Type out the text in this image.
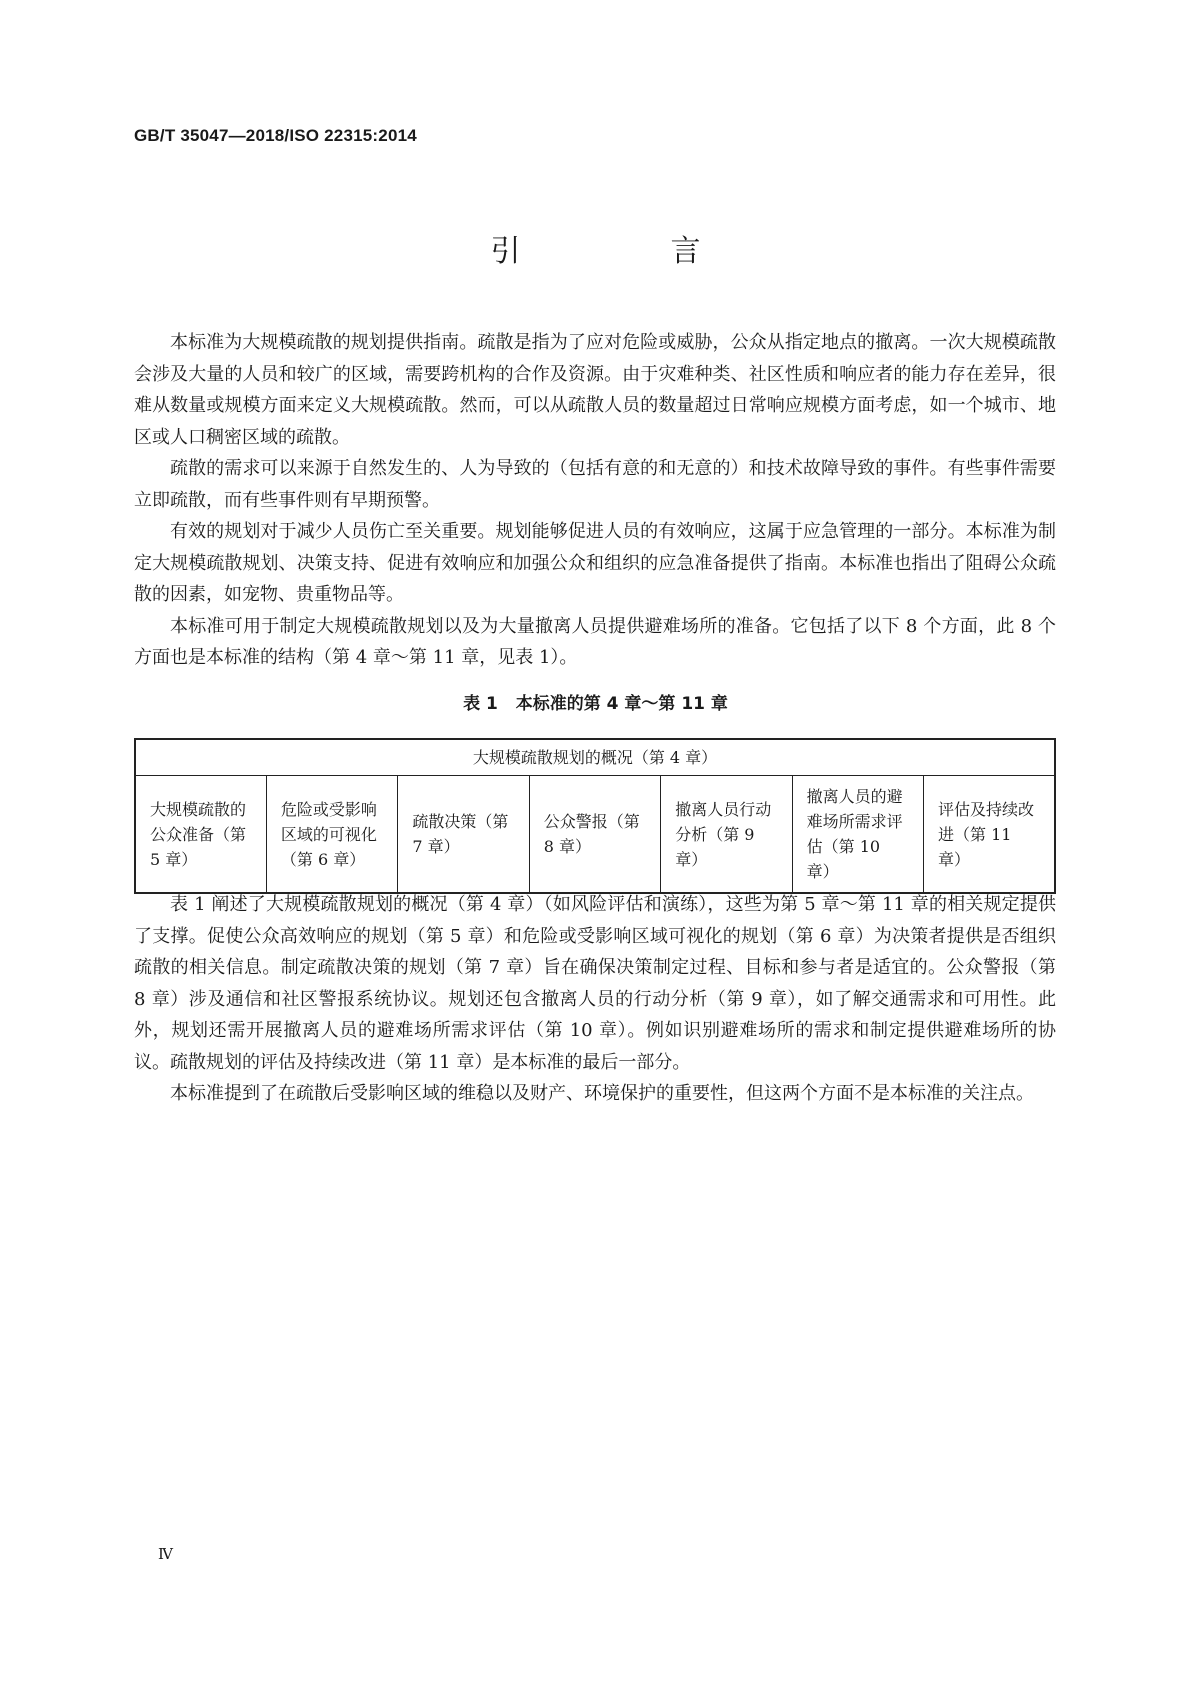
GB/T 35047—2018/ISO 22315:2014
引　言

本标准为大规模疏散的规划提供指南。疏散是指为了应对危险或威胁，公众从指定地点的撤离。一次大规模疏散会涉及大量的人员和较广的区域，需要跨机构的合作及资源。由于灾难种类、社区性质和响应者的能力存在差异，很难从数量或规模方面来定义大规模疏散。然而，可以从疏散人员的数量超过日常响应规模方面考虑，如一个城市、地区或人口稠密区域的疏散。

疏散的需求可以来源于自然发生的、人为导致的（包括有意的和无意的）和技术故障导致的事件。有些事件需要立即疏散，而有些事件则有早期预警。

有效的规划对于减少人员伤亡至关重要。规划能够促进人员的有效响应，这属于应急管理的一部分。本标准为制定大规模疏散规划、决策支持、促进有效响应和加强公众和组织的应急准备提供了指南。本标准也指出了阻碍公众疏散的因素，如宠物、贵重物品等。

本标准可用于制定大规模疏散规划以及为大量撤离人员提供避难场所的准备。它包括了以下 8 个方面，此 8 个方面也是本标准的结构（第 4 章～第 11 章，见表 1）。

表 1 本标准的第 4 章～第 11 章
大规模疏散规划的概况（第 4 章）
大规模疏散的公众准备（第 5 章）	危险或受影响区域的可视化（第 6 章）	疏散决策（第 7 章）	公众警报（第 8 章）	撤离人员行动分析（第 9 章）	撤离人员的避难场所需求评估（第 10 章）	评估及持续改进（第 11 章）

表 1 阐述了大规模疏散规划的概况（第 4 章）（如风险评估和演练），这些为第 5 章～第 11 章的相关规定提供了支撑。促使公众高效响应的规划（第 5 章）和危险或受影响区域可视化的规划（第 6 章）为决策者提供是否组织疏散的相关信息。制定疏散决策的规划（第 7 章）旨在确保决策制定过程、目标和参与者是适宜的。公众警报（第 8 章）涉及通信和社区警报系统协议。规划还包含撤离人员的行动分析（第 9 章），如了解交通需求和可用性。此外，规划还需开展撤离人员的避难场所需求评估（第 10 章）。例如识别避难场所的需求和制定提供避难场所的协议。疏散规划的评估及持续改进（第 11 章）是本标准的最后一部分。

本标准提到了在疏散后受影响区域的维稳以及财产、环境保护的重要性，但这两个方面不是本标准的关注点。

Ⅳ
